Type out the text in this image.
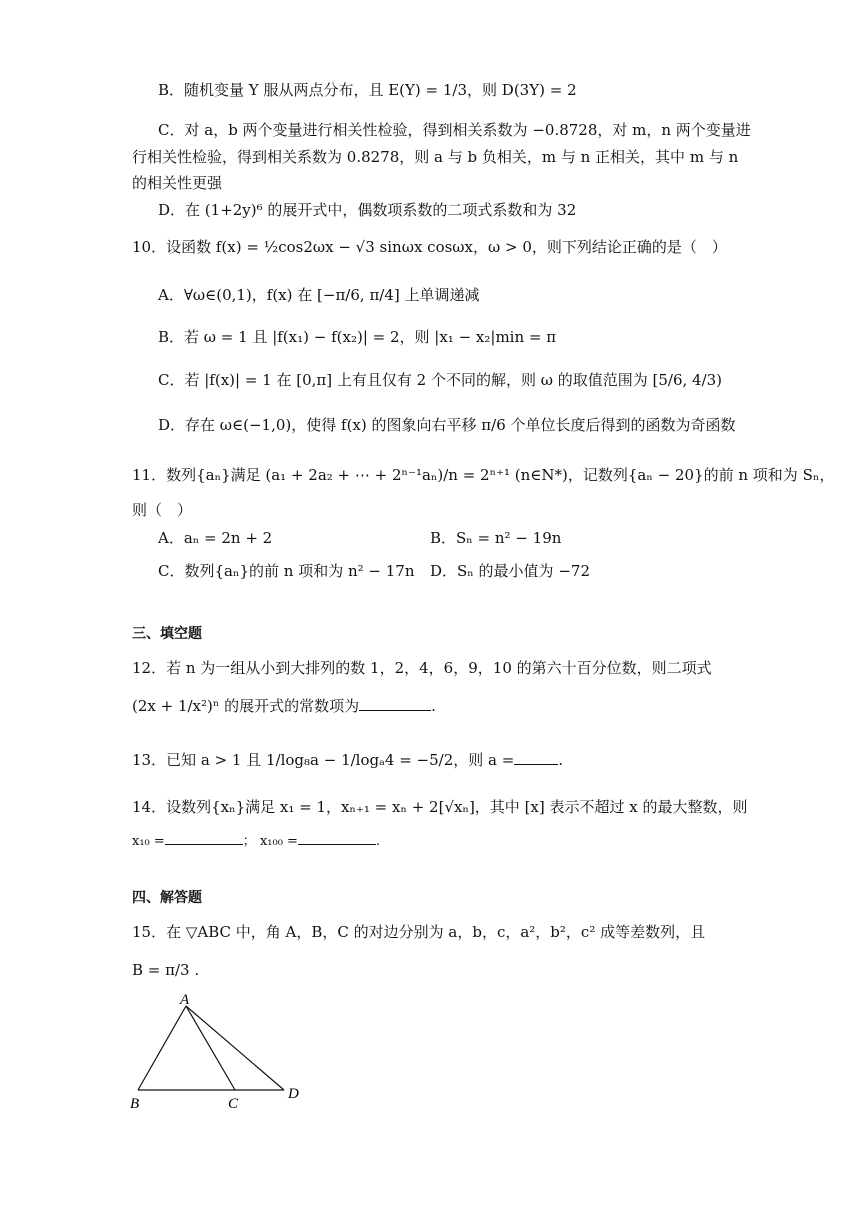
B．随机变量 Y 服从两点分布，且 E(Y) = 1/3，则 D(3Y) = 2
C．对 a，b 两个变量进行相关性检验，得到相关系数为 −0.8728，对 m，n 两个变量进
行相关性检验，得到相关系数为 0.8278，则 a 与 b 负相关，m 与 n 正相关，其中 m 与 n
的相关性更强
D．在 (1+2y)⁶ 的展开式中，偶数项系数的二项式系数和为 32
10．设函数 f(x) = ½cos2ωx − √3 sinωx cosωx，ω > 0，则下列结论正确的是（　）
A．∀ω∈(0,1)，f(x) 在 [−π/6, π/4] 上单调递减
B．若 ω = 1 且 |f(x₁) − f(x₂)| = 2，则 |x₁ − x₂|min = π
C．若 |f(x)| = 1 在 [0,π] 上有且仅有 2 个不同的解，则 ω 的取值范围为 [5/6, 4/3)
D．存在 ω∈(−1,0)，使得 f(x) 的图象向右平移 π/6 个单位长度后得到的函数为奇函数
11．数列{aₙ}满足 (a₁ + 2a₂ + ⋯ + 2ⁿ⁻¹aₙ)/n = 2ⁿ⁺¹ (n∈N*)，记数列{aₙ − 20}的前 n 项和为 Sₙ，
则（　）
A．aₙ = 2n + 2	B．Sₙ = n² − 19n
C．数列{aₙ}的前 n 项和为 n² − 17n D．Sₙ 的最小值为 −72
三、填空题
12．若 n 为一组从小到大排列的数 1，2，4，6，9，10 的第六十百分位数，则二项式
(2x + 1/x²)ⁿ 的展开式的常数项为	.
13．已知 a > 1 且 1/log₈a − 1/logₐ4 = −5/2，则 a =	.
14．设数列{xₙ}满足 x₁ = 1，xₙ₊₁ = xₙ + 2[√xₙ]，其中 [x] 表示不超过 x 的最大整数，则
x₁₀ =	； x₁₀₀ =	.
四、解答题
15．在 ▽ABC 中，角 A，B，C 的对边分别为 a，b，c，a²，b²，c² 成等差数列，且
B = π/3 .
A
B	C
D
